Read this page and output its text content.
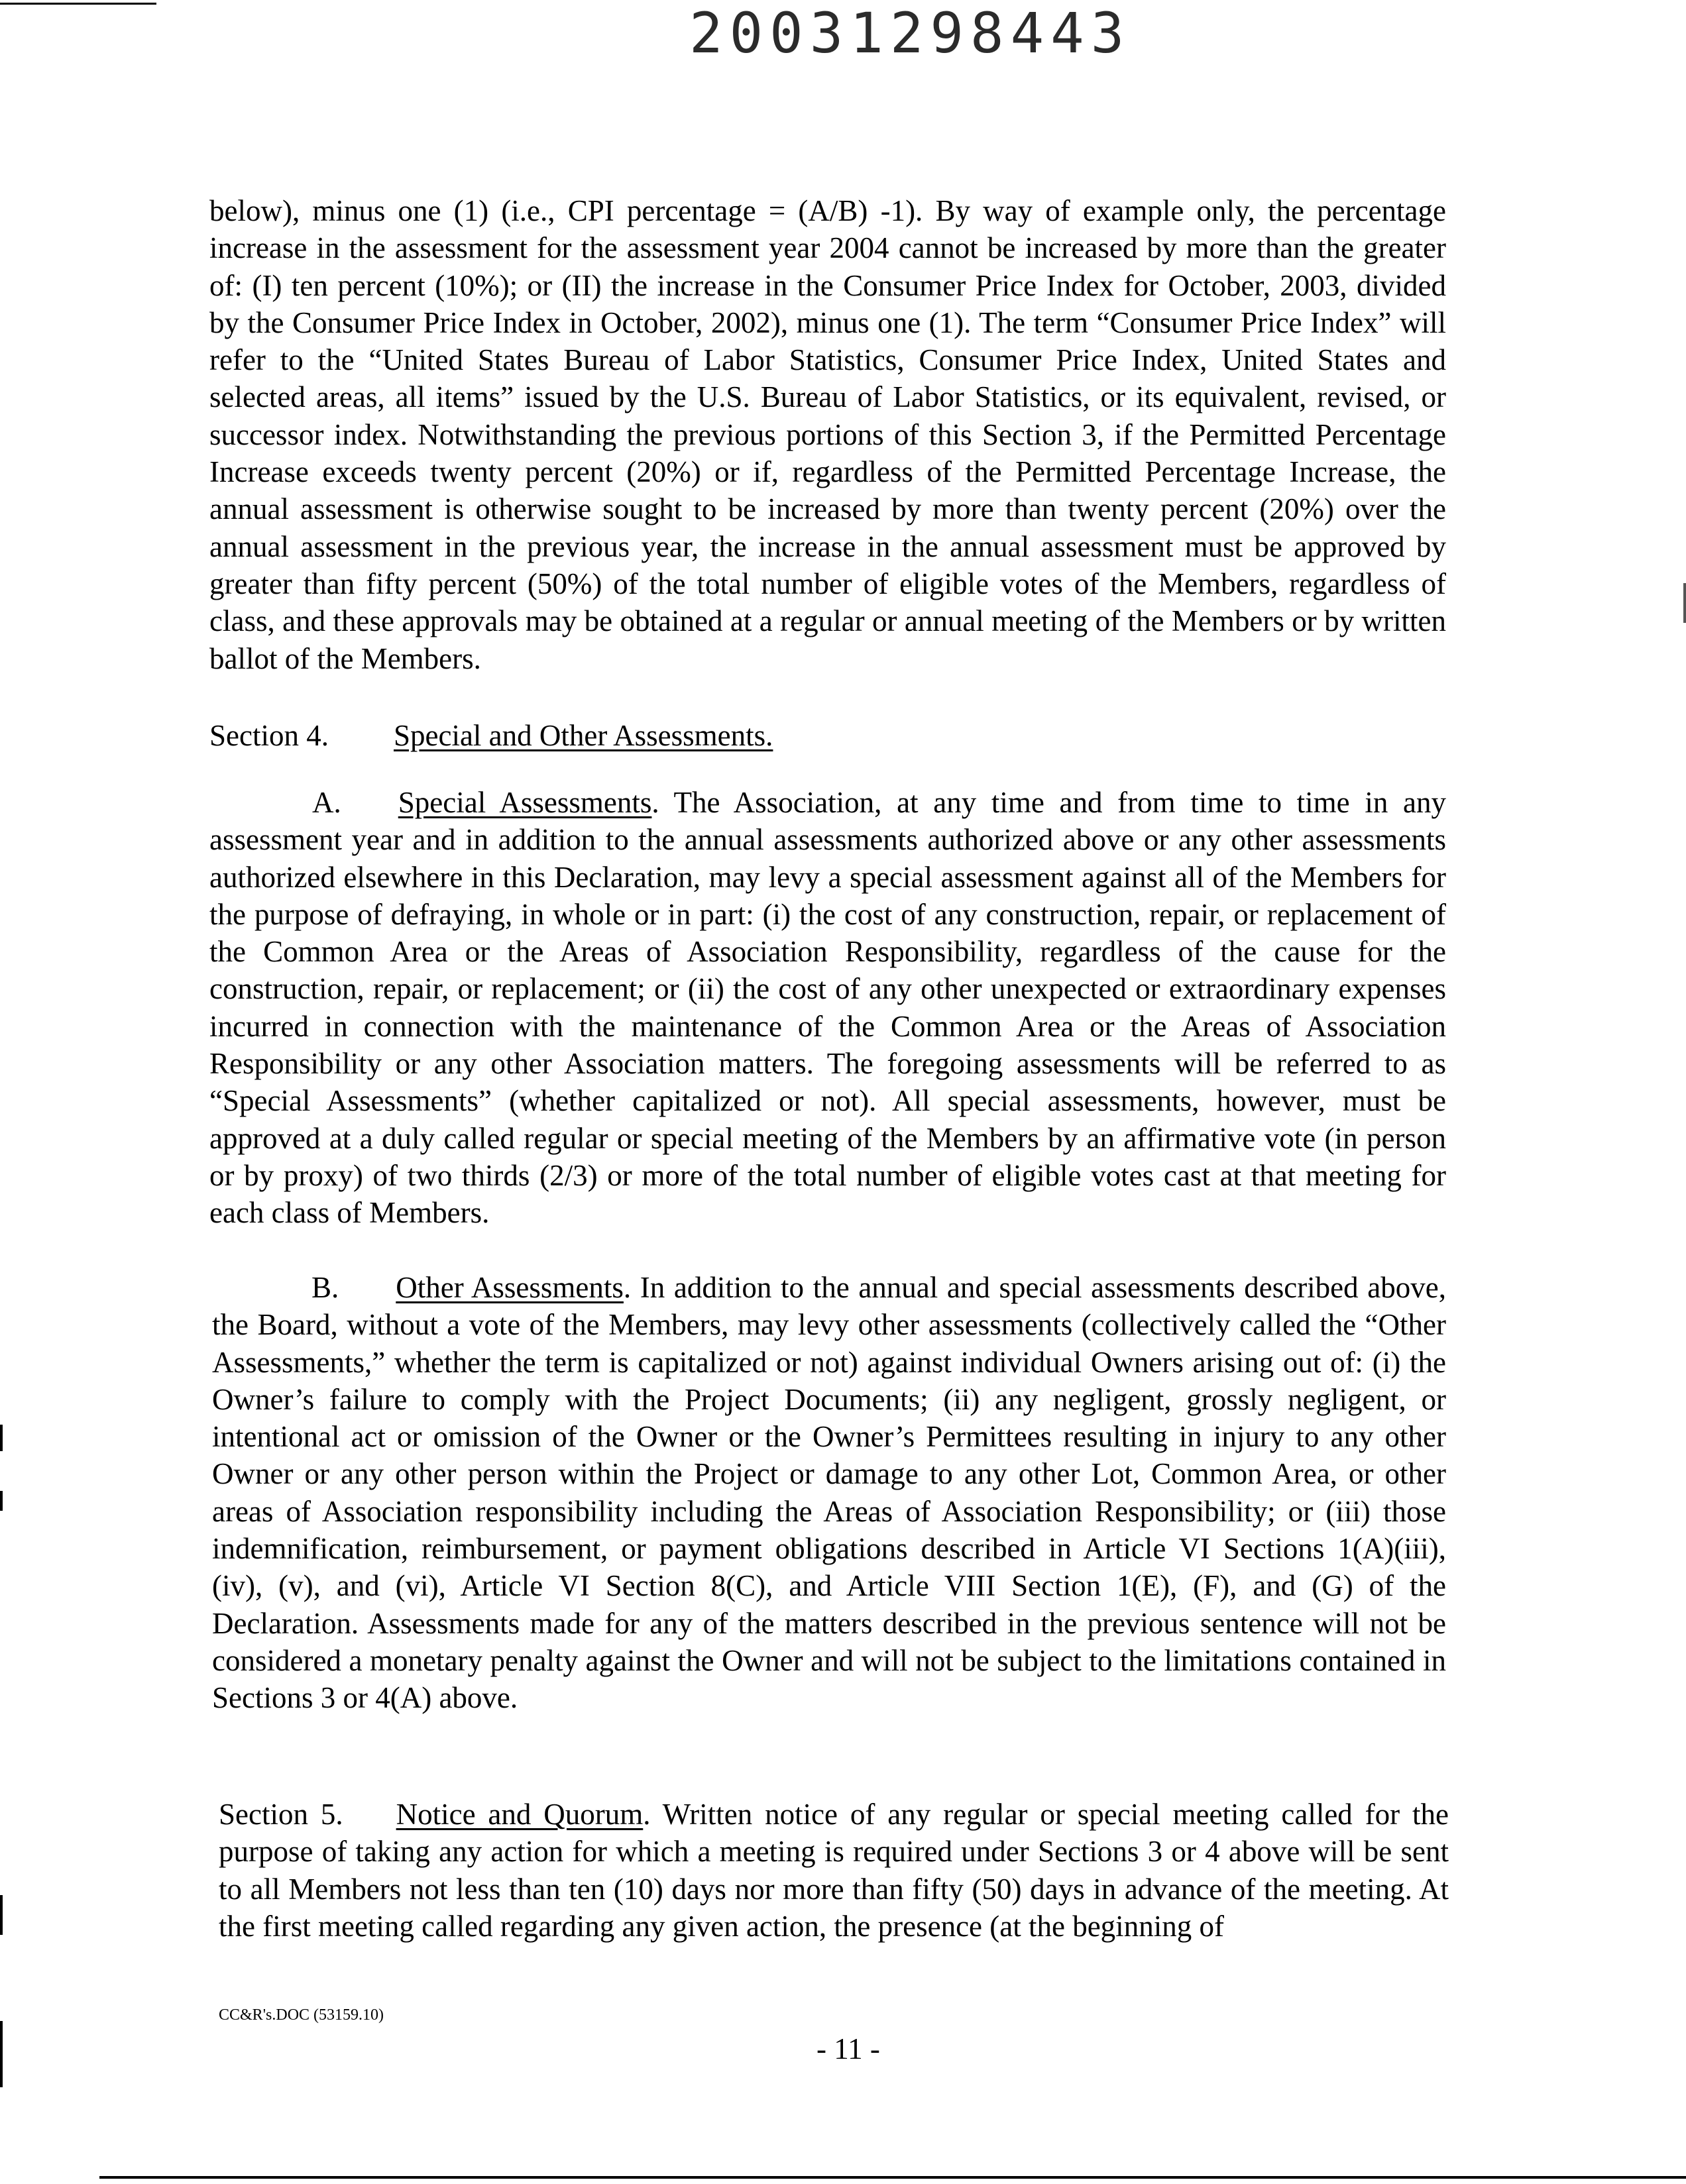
20031298443

below), minus one (1) (i.e., CPI percentage = (A/B) -1). By way of example only, the percentage increase in the assessment for the assessment year 2004 cannot be increased by more than the greater of: (I) ten percent (10%); or (II) the increase in the Consumer Price Index for October, 2003, divided by the Consumer Price Index in October, 2002), minus one (1). The term “Consumer Price Index” will refer to the “United States Bureau of Labor Statistics, Consumer Price Index, United States and selected areas, all items” issued by the U.S. Bureau of Labor Statistics, or its equivalent, revised, or successor index. Notwithstanding the previous portions of this Section 3, if the Permitted Percentage Increase exceeds twenty percent (20%) or if, regardless of the Permitted Percentage Increase, the annual assessment is otherwise sought to be increased by more than twenty percent (20%) over the annual assessment in the previous year, the increase in the annual assessment must be approved by greater than fifty percent (50%) of the total number of eligible votes of the Members, regardless of class, and these approvals may be obtained at a regular or annual meeting of the Members or by written ballot of the Members.

Section 4. Special and Other Assessments.

A. Special Assessments. The Association, at any time and from time to time in any assessment year and in addition to the annual assessments authorized above or any other assessments authorized elsewhere in this Declaration, may levy a special assessment against all of the Members for the purpose of defraying, in whole or in part: (i) the cost of any construction, repair, or replacement of the Common Area or the Areas of Association Responsibility, regardless of the cause for the construction, repair, or replacement; or (ii) the cost of any other unexpected or extraordinary expenses incurred in connection with the maintenance of the Common Area or the Areas of Association Responsibility or any other Association matters. The foregoing assessments will be referred to as “Special Assessments” (whether capitalized or not). All special assessments, however, must be approved at a duly called regular or special meeting of the Members by an affirmative vote (in person or by proxy) of two thirds (2/3) or more of the total number of eligible votes cast at that meeting for each class of Members.

B. Other Assessments. In addition to the annual and special assessments described above, the Board, without a vote of the Members, may levy other assessments (collectively called the “Other Assessments,” whether the term is capitalized or not) against individual Owners arising out of: (i) the Owner’s failure to comply with the Project Documents; (ii) any negligent, grossly negligent, or intentional act or omission of the Owner or the Owner’s Permittees resulting in injury to any other Owner or any other person within the Project or damage to any other Lot, Common Area, or other areas of Association responsibility including the Areas of Association Responsibility; or (iii) those indemnification, reimbursement, or payment obligations described in Article VI Sections 1(A)(iii), (iv), (v), and (vi), Article VI Section 8(C), and Article VIII Section 1(E), (F), and (G) of the Declaration. Assessments made for any of the matters described in the previous sentence will not be considered a monetary penalty against the Owner and will not be subject to the limitations contained in Sections 3 or 4(A) above.

Section 5. Notice and Quorum. Written notice of any regular or special meeting called for the purpose of taking any action for which a meeting is required under Sections 3 or 4 above will be sent to all Members not less than ten (10) days nor more than fifty (50) days in advance of the meeting. At the first meeting called regarding any given action, the presence (at the beginning of

CC&R's.DOC (53159.10)
- 11 -
